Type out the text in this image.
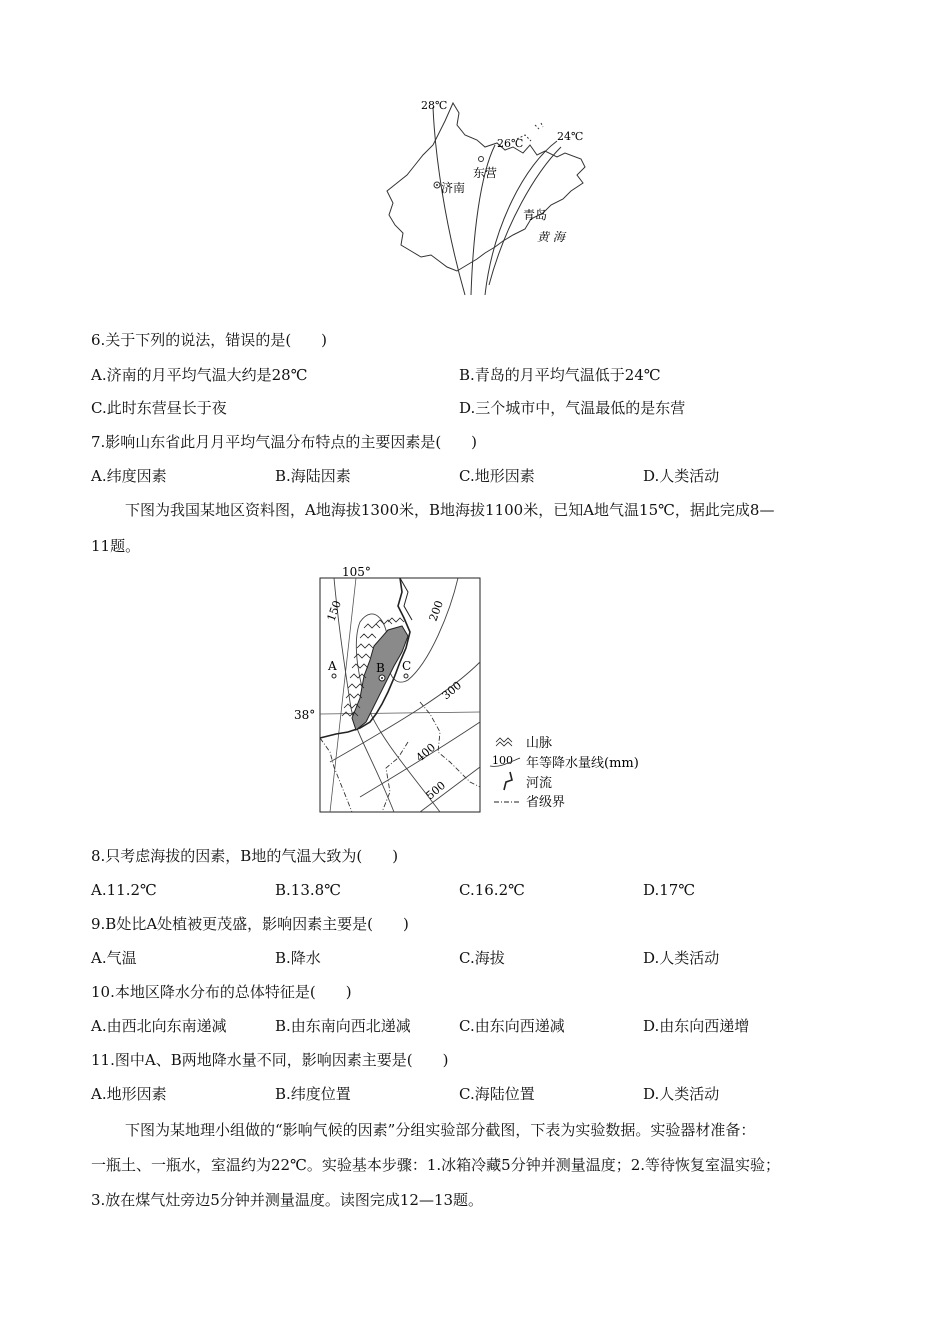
28℃
26℃
24℃
东营
济南
青岛
黄 海
6.关于下列的说法，错误的是(　　)
A.济南的月平均气温大约是28℃	B.青岛的月平均气温低于24℃
C.此时东营昼长于夜	D.三个城市中，气温最低的是东营
7.影响山东省此月月平均气温分布特点的主要因素是(　　)
A.纬度因素	B.海陆因素	C.地形因素	D.人类活动
下图为我国某地区资料图，A地海拔1300米，B地海拔1100米，已知A地气温15℃，据此完成8—
11题。
105°
38°
150	200
300
400
500
A	B C
山脉
100 年等降水量线(mm)
河流
省级界
8.只考虑海拔的因素，B地的气温大致为(　　)
A.11.2℃	B.13.8℃	C.16.2℃	D.17℃
9.B处比A处植被更茂盛，影响因素主要是(　　)
A.气温	B.降水	C.海拔	D.人类活动
10.本地区降水分布的总体特征是(　　)
A.由西北向东南递减	B.由东南向西北递减	C.由东向西递减	D.由东向西递增
11.图中A、B两地降水量不同，影响因素主要是(　　)
A.地形因素	B.纬度位置	C.海陆位置	D.人类活动
下图为某地理小组做的“影响气候的因素”分组实验部分截图，下表为实验数据。实验器材准备：
一瓶土、一瓶水，室温约为22℃。实验基本步骤：1.冰箱冷藏5分钟并测量温度；2.等待恢复室温实验；
3.放在煤气灶旁边5分钟并测量温度。读图完成12—13题。
